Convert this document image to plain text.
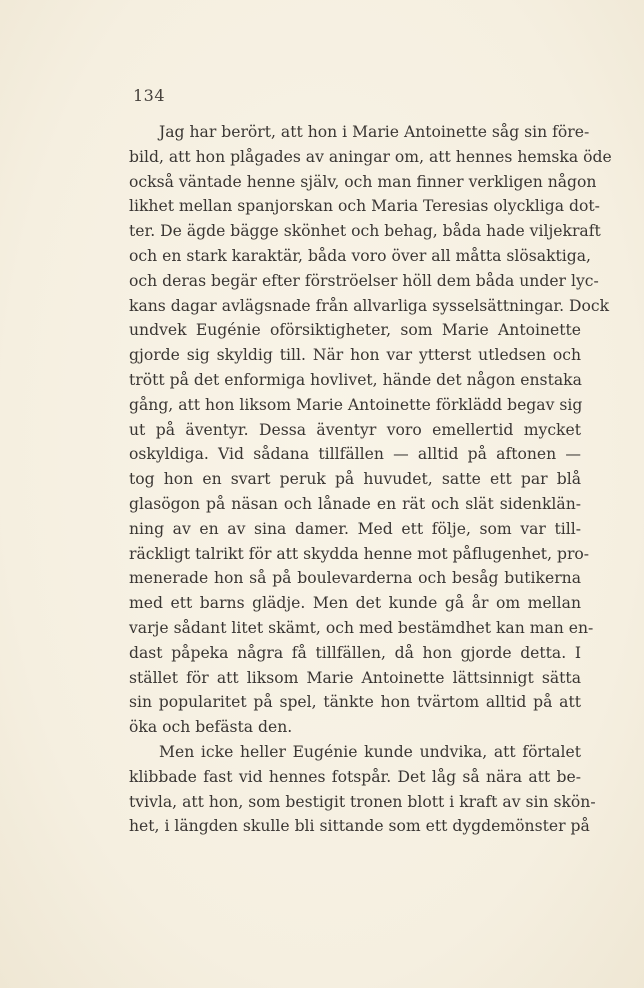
134
Jag har berört, att hon i Marie Antoinette såg sin före-
bild, att hon plågades av aningar om, att hennes hemska öde
också väntade henne själv, och man finner verkligen någon
likhet mellan spanjorskan och Maria Teresias olyckliga dot-
ter. De ägde bägge skönhet och behag, båda hade viljekraft
och en stark karaktär, båda voro över all måtta slösaktiga,
och deras begär efter förströelser höll dem båda under lyc-
kans dagar avlägsnade från allvarliga sysselsättningar. Dock
undvek Eugénie oförsiktigheter, som Marie Antoinette
gjorde sig skyldig till. När hon var ytterst utledsen och
trött på det enformiga hovlivet, hände det någon enstaka
gång, att hon liksom Marie Antoinette förklädd begav sig
ut på äventyr. Dessa äventyr voro emellertid mycket
oskyldiga. Vid sådana tillfällen — alltid på aftonen —
tog hon en svart peruk på huvudet, satte ett par blå
glasögon på näsan och lånade en rät och slät sidenklän-
ning av en av sina damer. Med ett följe, som var till-
räckligt talrikt för att skydda henne mot påflugenhet, pro-
menerade hon så på boulevarderna och besåg butikerna
med ett barns glädje. Men det kunde gå år om mellan
varje sådant litet skämt, och med bestämdhet kan man en-
dast påpeka några få tillfällen, då hon gjorde detta. I
stället för att liksom Marie Antoinette lättsinnigt sätta
sin popularitet på spel, tänkte hon tvärtom alltid på att
öka och befästa den.
Men icke heller Eugénie kunde undvika, att förtalet
klibbade fast vid hennes fotspår. Det låg så nära att be-
tvivla, att hon, som bestigit tronen blott i kraft av sin skön-
het, i längden skulle bli sittande som ett dygdemönster på
